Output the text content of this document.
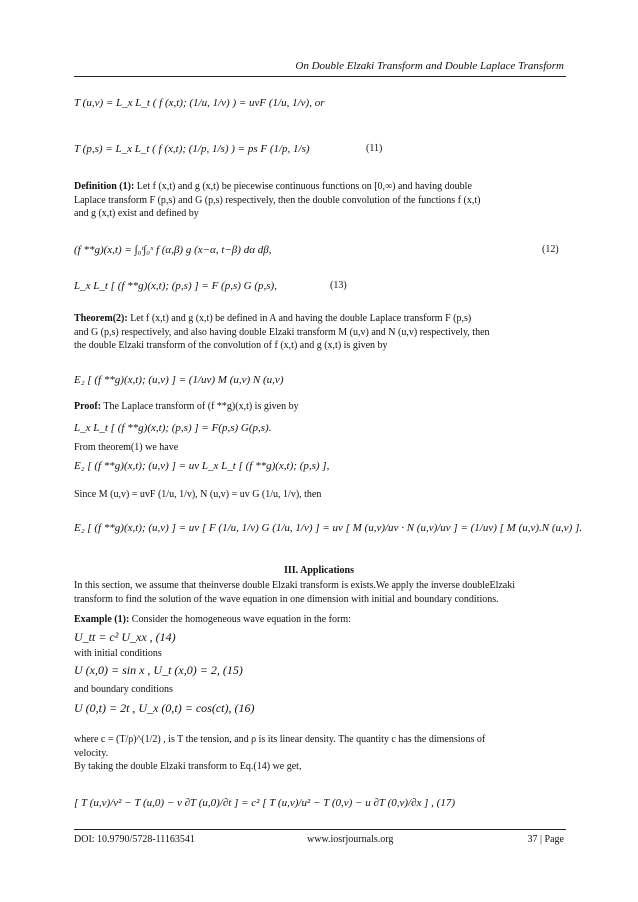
On Double Elzaki Transform and Double Laplace Transform
T (u,v) = L_x L_t ( f (x,t); (1/u, 1/v) ) = uvF (1/u, 1/v), or
T (p,s) = L_x L_t ( f (x,t); (1/p, 1/s) ) = ps F (1/p, 1/s)	(11)
Definition (1): Let f (x,t) and g (x,t) be piecewise continuous functions on [0,∞) and having double
Laplace transform F (p,s) and G (p,s) respectively, then the double convolution of the functions f (x,t)
and g (x,t) exist and defined by
(f **g)(x,t) = ∫₀ᵗ∫₀ˣ f (α,β) g (x−α, t−β) dα dβ,	(12)
L_x L_t [ (f **g)(x,t); (p,s) ] = F (p,s) G (p,s),	(13)
Theorem(2): Let f (x,t) and g (x,t) be defined in A and having the double Laplace transform F (p,s)
and G (p,s) respectively, and also having double Elzaki transform M (u,v) and N (u,v) respectively, then
the double Elzaki transform of the convolution of f (x,t) and g (x,t) is given by
E₂ [ (f **g)(x,t); (u,v) ] = (1/uv) M (u,v) N (u,v)
Proof: The Laplace transform of (f **g)(x,t) is given by
L_x L_t [ (f **g)(x,t); (p,s) ] = F(p,s) G(p,s).
From theorem(1) we have
E₂ [ (f **g)(x,t); (u,v) ] = uv L_x L_t [ (f **g)(x,t); (p,s) ],
Since M (u,v) = uvF (1/u, 1/v), N (u,v) = uv G (1/u, 1/v), then
E₂ [ (f **g)(x,t); (u,v) ] = uv [ F (1/u, 1/v) G (1/u, 1/v) ] = uv [ M (u,v)/uv · N (u,v)/uv ] = (1/uv) [ M (u,v).N (u,v) ].
III. Applications
In this section, we assume that theinverse double Elzaki transform is exists.We apply the inverse doubleElzaki
transform to find the solution of the wave equation in one dimension with initial and boundary conditions.
Example (1): Consider the homogeneous wave equation in the form:
U_tt = c² U_xx , (14)
with initial conditions
U (x,0) = sin x , U_t (x,0) = 2, (15)
and boundary conditions
U (0,t) = 2t , U_x (0,t) = cos(ct), (16)
where c = (T/ρ)^(1/2) , is T the tension, and ρ is its linear density. The quantity c has the dimensions of
velocity.
By taking the double Elzaki transform to Eq.(14) we get,
[ T (u,v)/v² − T (u,0) − v ∂T (u,0)/∂t ] = c² [ T (u,v)/u² − T (0,v) − u ∂T (0,v)/∂x ] , (17)
DOI: 10.9790/5728-11163541	www.iosrjournals.org	37 | Page
